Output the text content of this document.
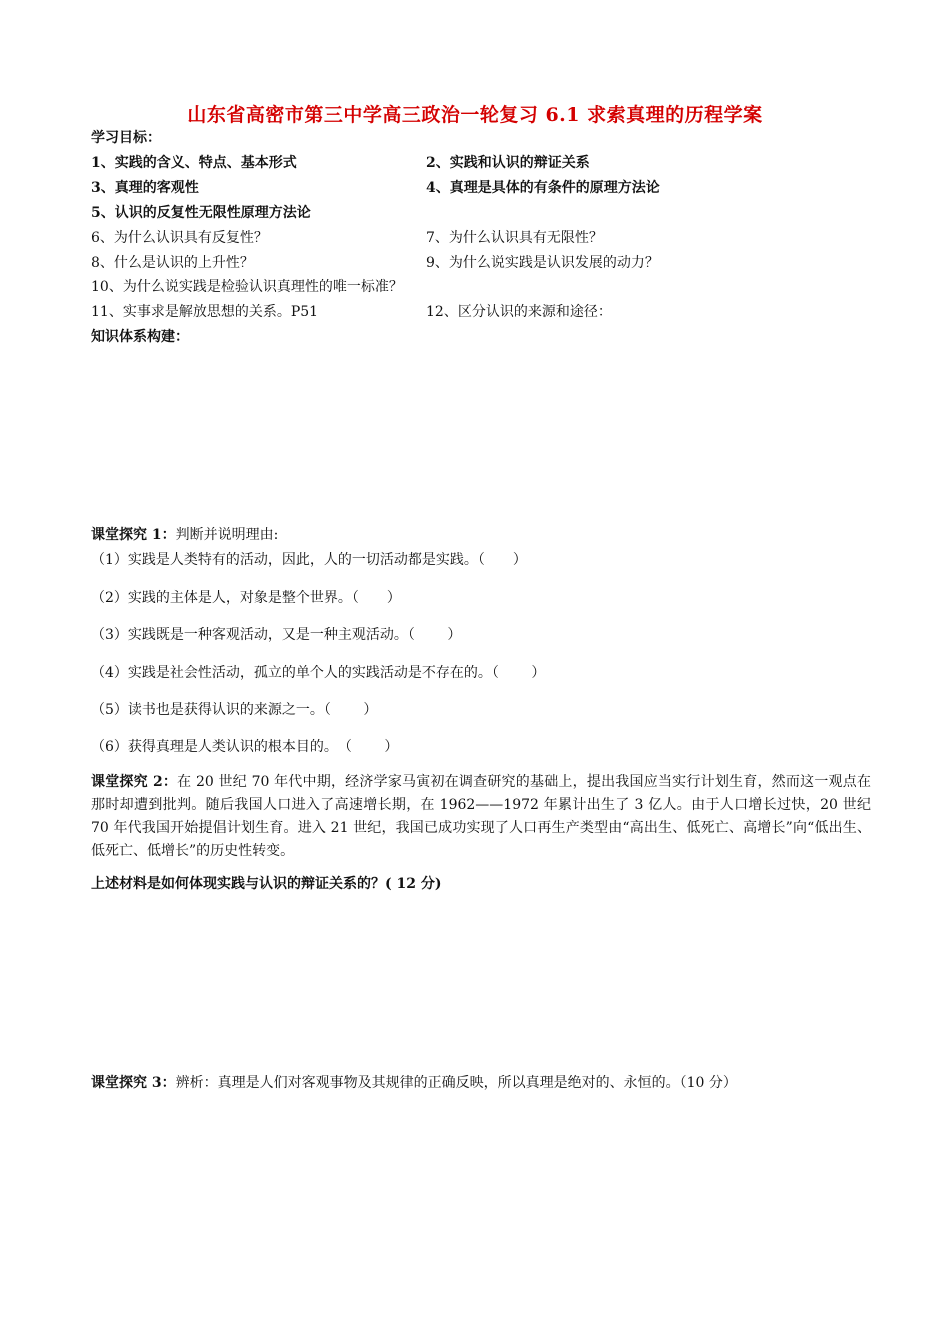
山东省高密市第三中学高三政治一轮复习 6.1 求索真理的历程学案
学习目标：
1、实践的含义、特点、基本形式	2、实践和认识的辩证关系
3、真理的客观性	4、真理是具体的有条件的原理方法论
5、认识的反复性无限性原理方法论
6、为什么认识具有反复性？	7、为什么认识具有无限性？
8、什么是认识的上升性？	9、为什么说实践是认识发展的动力？
10、为什么说实践是检验认识真理性的唯一标准？
11、实事求是解放思想的关系。P51	12、区分认识的来源和途径：
知识体系构建：
课堂探究 1：判断并说明理由:
（1）实践是人类特有的活动，因此，人的一切活动都是实践。（　　）
（2）实践的主体是人，对象是整个世界。（　　）
（3）实践既是一种客观活动，又是一种主观活动。（　　 ）
（4）实践是社会性活动，孤立的单个人的实践活动是不存在的。（　　 ）
（5）读书也是获得认识的来源之一。（　　 ）
（6）获得真理是人类认识的根本目的。　（　　 ）
课堂探究 2：在 20 世纪 70 年代中期，经济学家马寅初在调查研究的基础上，提出我国应当实行计划生育，然而这一观点在那时却遭到批判。随后我国人口进入了高速增长期，在 1962——1972 年累计出生了 3 亿人。由于人口增长过快，20 世纪 70 年代我国开始提倡计划生育。进入 21 世纪，我国已成功实现了人口再生产类型由“高出生、低死亡、高增长”向“低出生、低死亡、低增长”的历史性转变。
上述材料是如何体现实践与认识的辩证关系的？( 12 分)
课堂探究 3：辨析：真理是人们对客观事物及其规律的正确反映，所以真理是绝对的、永恒的。（10 分）
